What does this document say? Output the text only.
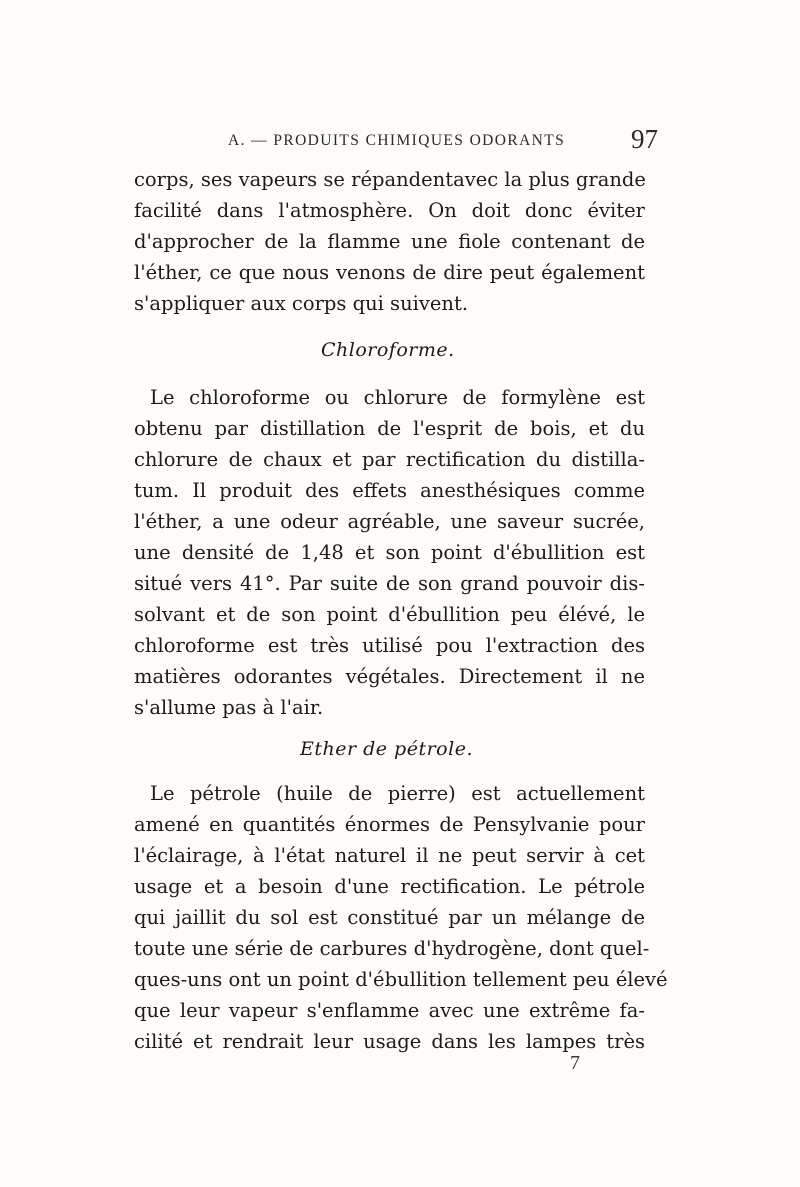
A. — PRODUITS CHIMIQUES ODORANTS 97
corps, ses vapeurs se répandentavec la plus grande
facilité dans l'atmosphère. On doit donc éviter
d'approcher de la flamme une fiole contenant de
l'éther, ce que nous venons de dire peut également
s'appliquer aux corps qui suivent.
Chloroforme.
Le chloroforme ou chlorure de formylène est
obtenu par distillation de l'esprit de bois, et du
chlorure de chaux et par rectification du distilla-
tum. Il produit des effets anesthésiques comme
l'éther, a une odeur agréable, une saveur sucrée,
une densité de 1,48 et son point d'ébullition est
situé vers 41°. Par suite de son grand pouvoir dis-
solvant et de son point d'ébullition peu élévé, le
chloroforme est très utilisé pou l'extraction des
matières odorantes végétales. Directement il ne
s'allume pas à l'air.
Ether de pétrole.
Le pétrole (huile de pierre) est actuellement
amené en quantités énormes de Pensylvanie pour
l'éclairage, à l'état naturel il ne peut servir à cet
usage et a besoin d'une rectification. Le pétrole
qui jaillit du sol est constitué par un mélange de
toute une série de carbures d'hydrogène, dont quel-
ques-uns ont un point d'ébullition tellement peu élevé
que leur vapeur s'enflamme avec une extrême fa-
cilité et rendrait leur usage dans les lampes très
7
